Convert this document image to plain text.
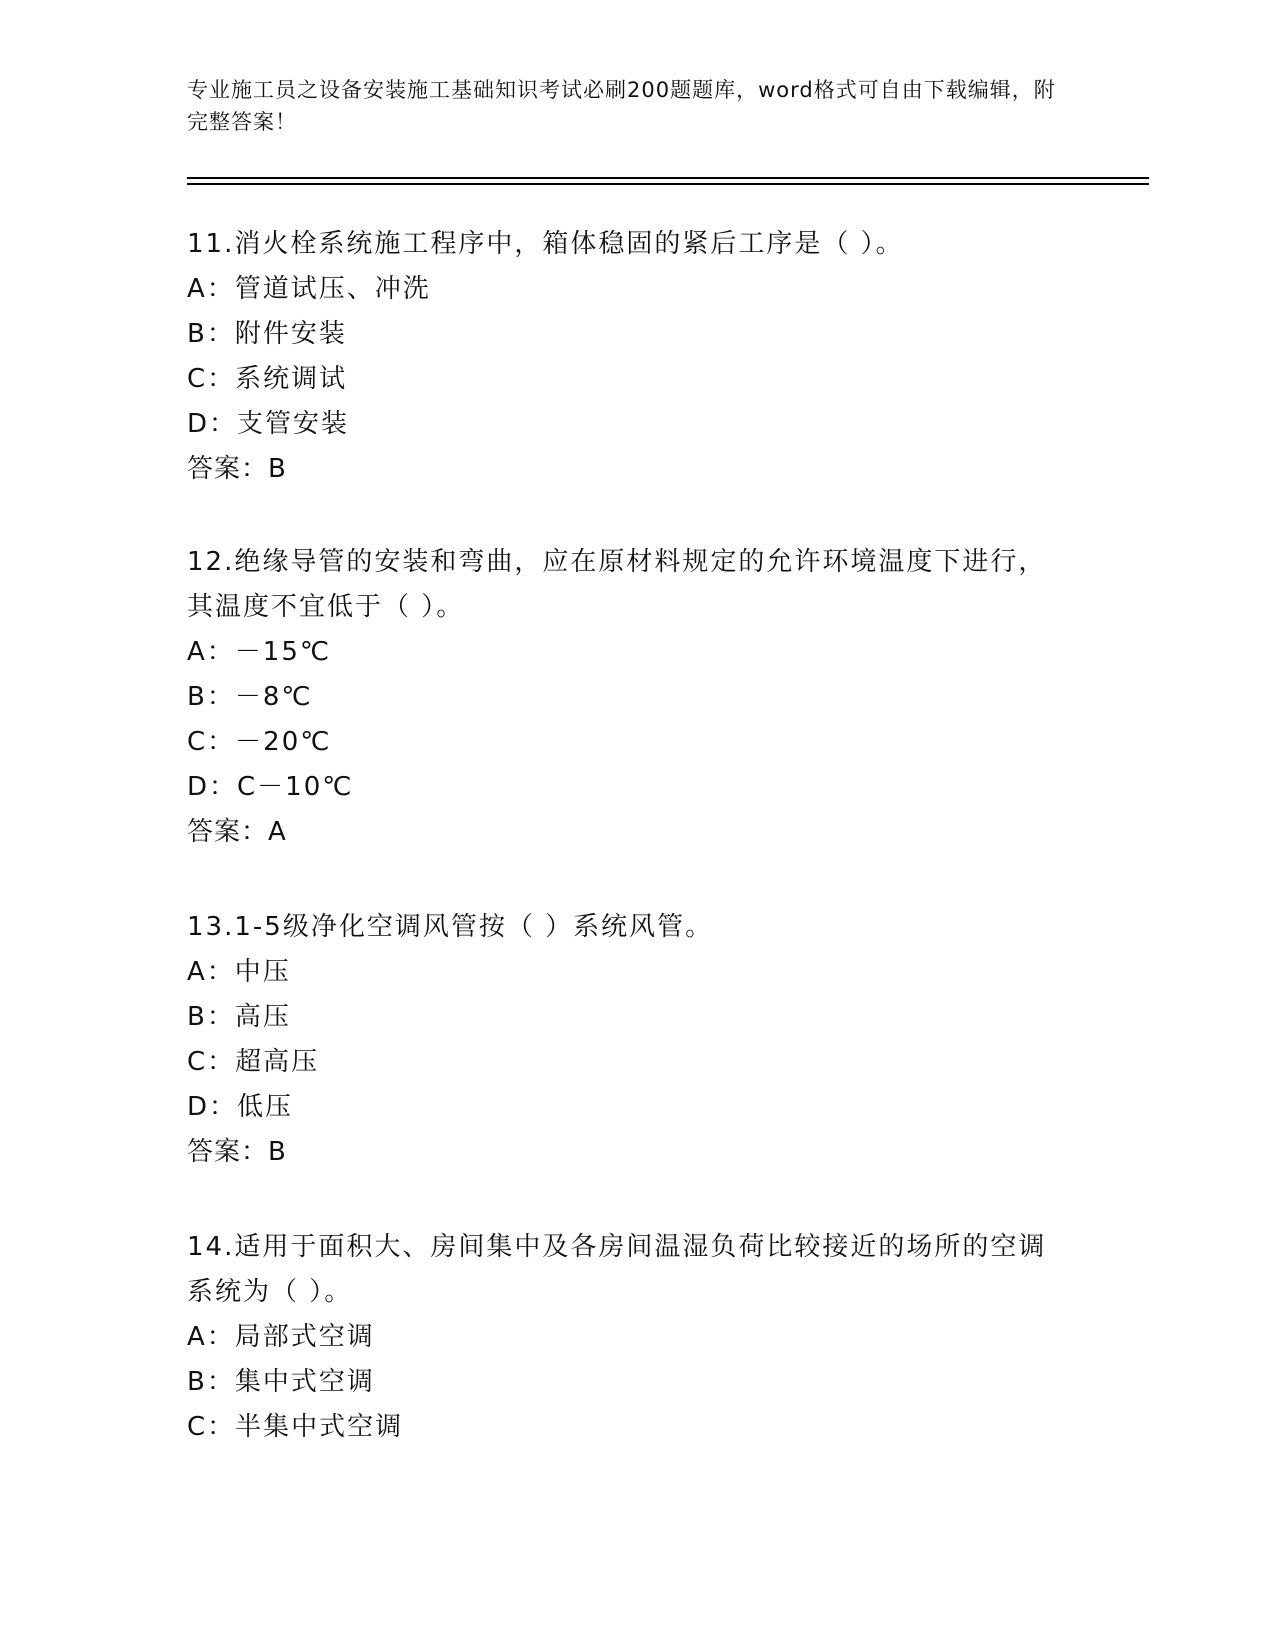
专业施工员之设备安装施工基础知识考试必刷200题题库，word格式可自由下载编辑，附完整答案！
11.消火栓系统施工程序中，箱体稳固的紧后工序是（ ）。
A：管道试压、冲洗
B：附件安装
C：系统调试
D：支管安装
答案：B
12.绝缘导管的安装和弯曲，应在原材料规定的允许环境温度下进行，其温度不宜低于（ ）。
A：－15℃
B：－8℃
C：－20℃
D：C－10℃
答案：A
13.1-5级净化空调风管按（ ）系统风管。
A：中压
B：高压
C：超高压
D：低压
答案：B
14.适用于面积大、房间集中及各房间温湿负荷比较接近的场所的空调系统为（ ）。
A：局部式空调
B：集中式空调
C：半集中式空调
